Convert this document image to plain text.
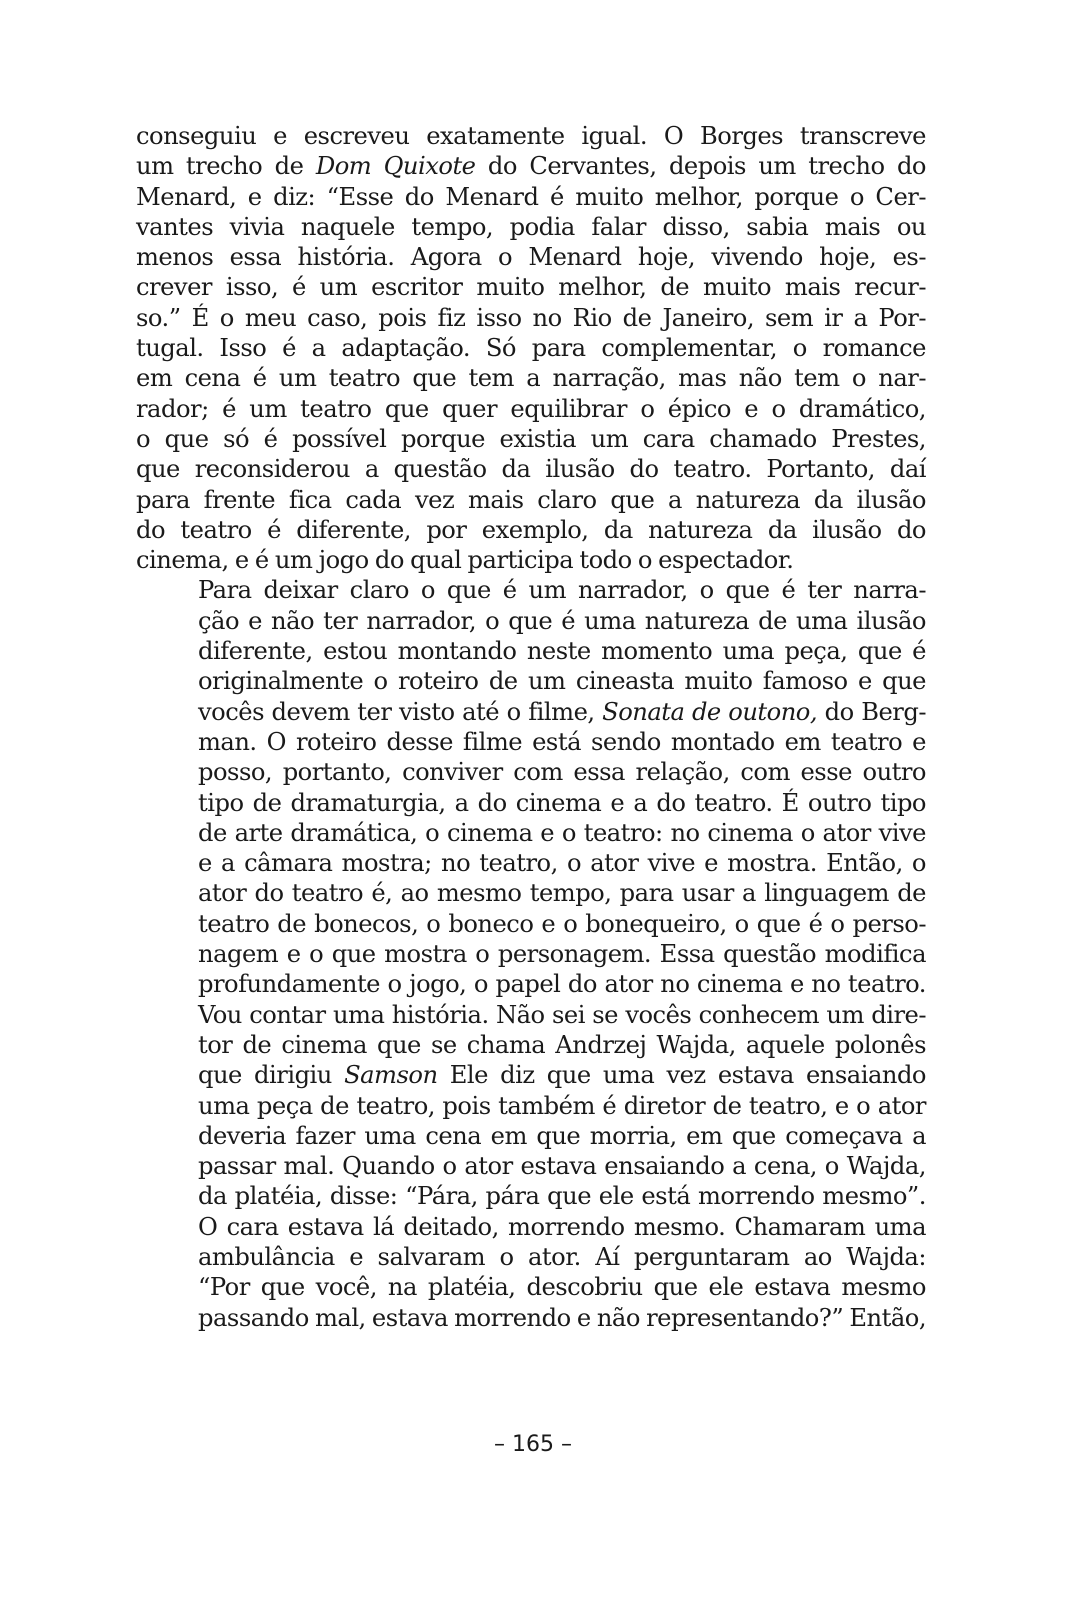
conseguiu e escreveu exatamente igual. O Borges transcreve
um trecho de Dom Quixote do Cervantes, depois um trecho do
Menard, e diz: “Esse do Menard é muito melhor, porque o Cer-
vantes vivia naquele tempo, podia falar disso, sabia mais ou
menos essa história. Agora o Menard hoje, vivendo hoje, es-
crever isso, é um escritor muito melhor, de muito mais recur-
so.” É o meu caso, pois fiz isso no Rio de Janeiro, sem ir a Por-
tugal. Isso é a adaptação. Só para complementar, o romance
em cena é um teatro que tem a narração, mas não tem o nar-
rador; é um teatro que quer equilibrar o épico e o dramático,
o que só é possível porque existia um cara chamado Prestes,
que reconsiderou a questão da ilusão do teatro. Portanto, daí
para frente fica cada vez mais claro que a natureza da ilusão
do teatro é diferente, por exemplo, da natureza da ilusão do
cinema, e é um jogo do qual participa todo o espectador.

Para deixar claro o que é um narrador, o que é ter narra-
ção e não ter narrador, o que é uma natureza de uma ilusão
diferente, estou montando neste momento uma peça, que é
originalmente o roteiro de um cineasta muito famoso e que
vocês devem ter visto até o filme, Sonata de outono, do Berg-
man. O roteiro desse filme está sendo montado em teatro e
posso, portanto, conviver com essa relação, com esse outro
tipo de dramaturgia, a do cinema e a do teatro. É outro tipo
de arte dramática, o cinema e o teatro: no cinema o ator vive
e a câmara mostra; no teatro, o ator vive e mostra. Então, o
ator do teatro é, ao mesmo tempo, para usar a linguagem de
teatro de bonecos, o boneco e o bonequeiro, o que é o perso-
nagem e o que mostra o personagem. Essa questão modifica
profundamente o jogo, o papel do ator no cinema e no teatro.
Vou contar uma história. Não sei se vocês conhecem um dire-
tor de cinema que se chama Andrzej Wajda, aquele polonês
que dirigiu Samson Ele diz que uma vez estava ensaiando
uma peça de teatro, pois também é diretor de teatro, e o ator
deveria fazer uma cena em que morria, em que começava a
passar mal. Quando o ator estava ensaiando a cena, o Wajda,
da platéia, disse: “Pára, pára que ele está morrendo mesmo”.
O cara estava lá deitado, morrendo mesmo. Chamaram uma
ambulância e salvaram o ator. Aí perguntaram ao Wajda:
“Por que você, na platéia, descobriu que ele estava mesmo
passando mal, estava morrendo e não representando?” Então,

– 165 –
